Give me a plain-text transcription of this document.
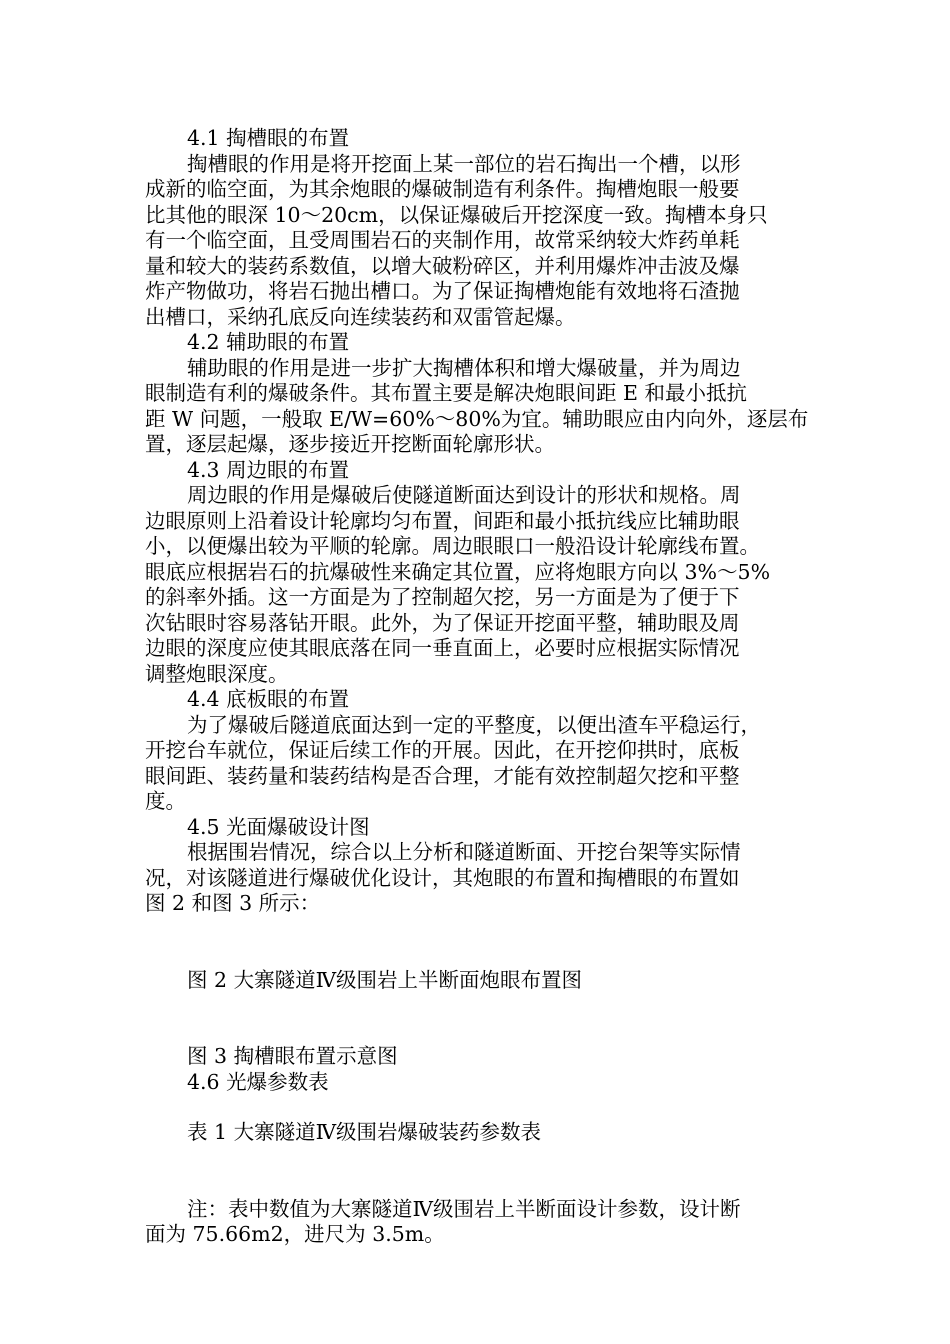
4.1 掏槽眼的布置
掏槽眼的作用是将开挖面上某一部位的岩石掏出一个槽，以形
成新的临空面，为其余炮眼的爆破制造有利条件。掏槽炮眼一般要
比其他的眼深 10～20cm，以保证爆破后开挖深度一致。掏槽本身只
有一个临空面，且受周围岩石的夹制作用，故常采纳较大炸药单耗
量和较大的装药系数值，以增大破粉碎区，并利用爆炸冲击波及爆
炸产物做功，将岩石抛出槽口。为了保证掏槽炮能有效地将石渣抛
出槽口，采纳孔底反向连续装药和双雷管起爆。
4.2 辅助眼的布置
辅助眼的作用是进一步扩大掏槽体积和增大爆破量，并为周边
眼制造有利的爆破条件。其布置主要是解决炮眼间距 E 和最小抵抗
距 W 问题，一般取 E/W=60%～80%为宜。辅助眼应由内向外，逐层布
置，逐层起爆，逐步接近开挖断面轮廓形状。
4.3 周边眼的布置
周边眼的作用是爆破后使隧道断面达到设计的形状和规格。周
边眼原则上沿着设计轮廓均匀布置，间距和最小抵抗线应比辅助眼
小，以便爆出较为平顺的轮廓。周边眼眼口一般沿设计轮廓线布置。
眼底应根据岩石的抗爆破性来确定其位置，应将炮眼方向以 3%～5%
的斜率外插。这一方面是为了控制超欠挖，另一方面是为了便于下
次钻眼时容易落钻开眼。此外，为了保证开挖面平整，辅助眼及周
边眼的深度应使其眼底落在同一垂直面上，必要时应根据实际情况
调整炮眼深度。
4.4 底板眼的布置
为了爆破后隧道底面达到一定的平整度，以便出渣车平稳运行，
开挖台车就位，保证后续工作的开展。因此，在开挖仰拱时，底板
眼间距、装药量和装药结构是否合理，才能有效控制超欠挖和平整
度。
4.5 光面爆破设计图
根据围岩情况，综合以上分析和隧道断面、开挖台架等实际情
况，对该隧道进行爆破优化设计，其炮眼的布置和掏槽眼的布置如
图 2 和图 3 所示：
图 2 大寨隧道Ⅳ级围岩上半断面炮眼布置图
图 3 掏槽眼布置示意图
4.6 光爆参数表
表 1 大寨隧道Ⅳ级围岩爆破装药参数表
注：表中数值为大寨隧道Ⅳ级围岩上半断面设计参数，设计断
面为 75.66m2，进尺为 3.5m。
